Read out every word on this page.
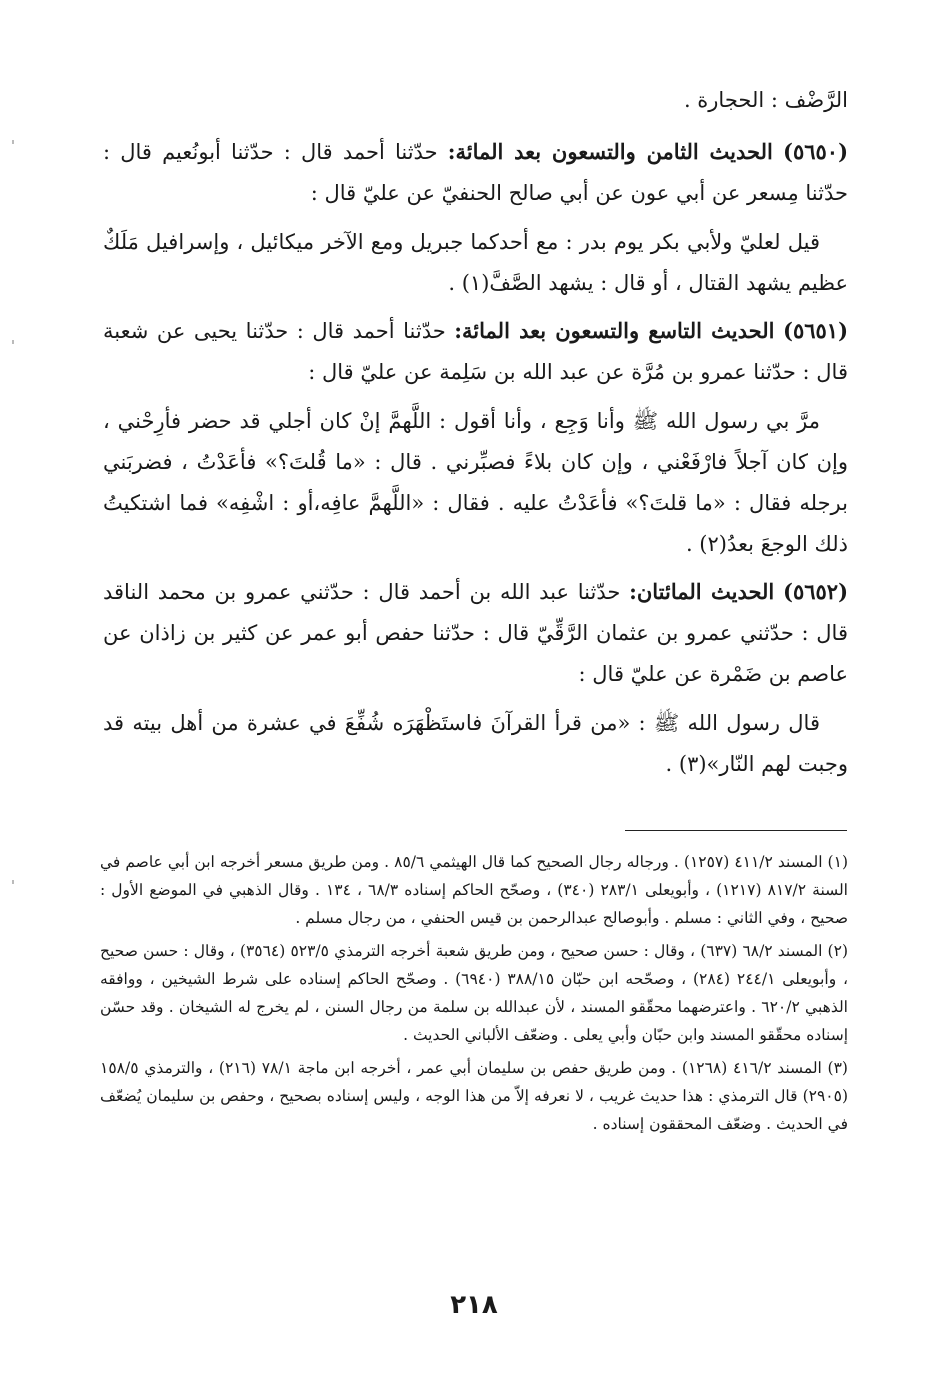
الرَّضْف : الحجارة .

(٥٦٥٠) الحديث الثامن والتسعون بعد المائة: حدّثنا أحمد قال : حدّثنا أبونُعيم قال : حدّثنا مِسعر عن أبي عون عن أبي صالح الحنفيّ عن عليّ قال :

قيل لعليّ ولأبي بكر يوم بدر : مع أحدكما جبريل ومع الآخر ميكائيل ، وإسرافيل مَلَكٌ عظيم يشهد القتال ، أو قال : يشهد الصَّفَّ(١) .

(٥٦٥١) الحديث التاسع والتسعون بعد المائة: حدّثنا أحمد قال : حدّثنا يحيى عن شعبة قال : حدّثنا عمرو بن مُرَّة عن عبد الله بن سَلِمة عن عليّ قال :

مرَّ بي رسول الله ﷺ وأنا وَجِع ، وأنا أقول : اللَّهمَّ إنْ كان أجلي قد حضر فأرِحْني ، وإن كان آجلاً فارْفَعْني ، وإن كان بلاءً فصبِّرني . قال : «ما قُلتَ؟» فأعَدْتُ ، فضربَني برجله فقال : «ما قلتَ؟» فأعَدْتُ عليه . فقال : «اللَّهمَّ عافِه،أو : اشْفِه» فما اشتكيتُ ذلك الوجعَ بعدُ(٢) .

(٥٦٥٢) الحديث المائتان: حدّثنا عبد الله بن أحمد قال : حدّثني عمرو بن محمد الناقد قال : حدّثني عمرو بن عثمان الرَّقِّيّ قال : حدّثنا حفص أبو عمر عن كثير بن زاذان عن عاصم بن ضَمْرة عن عليّ قال :

قال رسول الله ﷺ : «من قرأ القرآنَ فاستَظْهَرَه شُفِّعَ في عشرة من أهل بيته قد وجبت لهم النّار»(٣) .

(١) المسند ٤١١/٢ (١٢٥٧) . ورجاله رجال الصحيح كما قال الهيثمي ٨٥/٦ . ومن طريق مسعر أخرجه ابن أبي عاصم في السنة ٨١٧/٢ (١٢١٧) ، وأبويعلى ٢٨٣/١ (٣٤٠) ، وصحّح الحاكم إسناده ٦٨/٣ ، ١٣٤ . وقال الذهبي في الموضع الأول : صحيح ، وفي الثاني : مسلم . وأبوصالح عبدالرحمن بن قيس الحنفي ، من رجال مسلم .

(٢) المسند ٦٨/٢ (٦٣٧) ، وقال : حسن صحيح ، ومن طريق شعبة أخرجه الترمذي ٥٢٣/٥ (٣٥٦٤) ، وقال : حسن صحيح ، وأبويعلى ٢٤٤/١ (٢٨٤) ، وصحّحه ابن حبّان ٣٨٨/١٥ (٦٩٤٠) . وصحّح الحاكم إسناده على شرط الشيخين ، ووافقه الذهبي ٦٢٠/٢ . واعترضهما محقّقو المسند ، لأن عبدالله بن سلمة من رجال السنن ، لم يخرج له الشيخان . وقد حسّن إسناده محقّقو المسند وابن حبّان وأبي يعلى . وضعّف الألباني الحديث .

(٣) المسند ٤١٦/٢ (١٢٦٨) . ومن طريق حفص بن سليمان أبي عمر ، أخرجه ابن ماجة ٧٨/١ (٢١٦) ، والترمذي ١٥٨/٥ (٢٩٠٥) قال الترمذي : هذا حديث غريب ، لا نعرفه إلاّ من هذا الوجه ، وليس إسناده بصحيح ، وحفص بن سليمان يُضعّف في الحديث . وضعّف المحققون إسناده .

٢١٨
